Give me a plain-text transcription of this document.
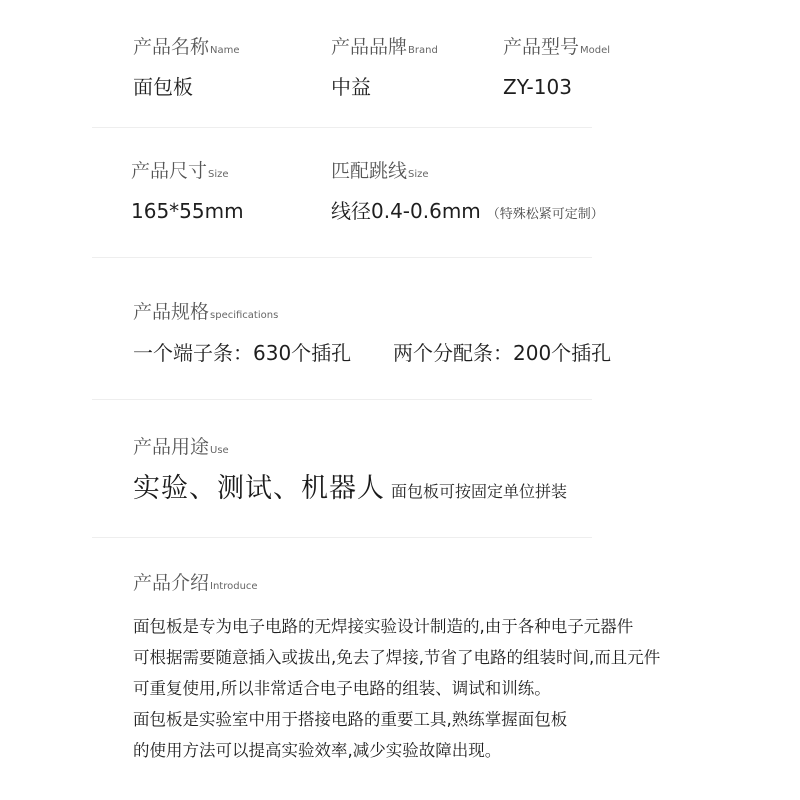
产品名称Name
面包板
产品品牌Brand
中益
产品型号Model
ZY-103
产品尺寸Size
165*55mm
匹配跳线Size
线径0.4-0.6mm （特殊松紧可定制）
产品规格specifications
一个端子条：630个插孔 两个分配条：200个插孔
产品用途Use
实验、测试、机器人 面包板可按固定单位拼装
产品介绍Introduce

面包板是专为电子电路的无焊接实验设计制造的,由于各种电子元器件

可根据需要随意插入或拔出,免去了焊接,节省了电路的组装时间,而且元件

可重复使用,所以非常适合电子电路的组装、调试和训练。

面包板是实验室中用于搭接电路的重要工具,熟练掌握面包板

的使用方法可以提高实验效率,减少实验故障出现。
